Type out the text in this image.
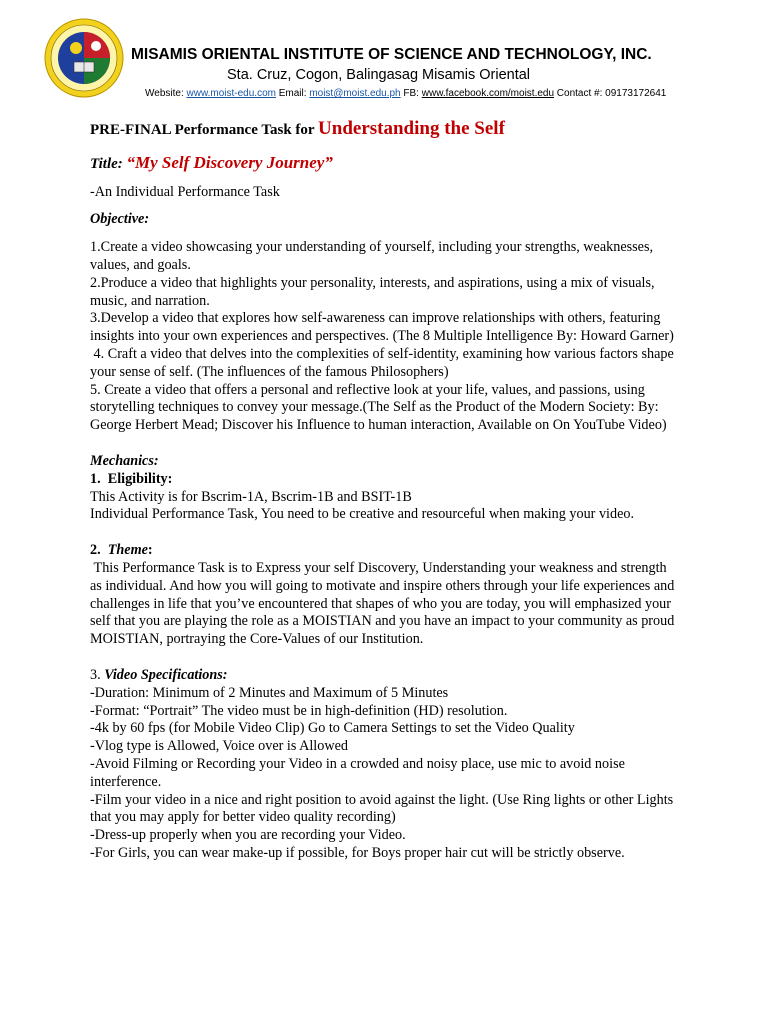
MISAMIS ORIENTAL INSTITUTE OF SCIENCE AND TECHNOLOGY, INC.
Sta. Cruz, Cogon, Balingasag Misamis Oriental
Website: www.moist-edu.com Email: moist@moist.edu.ph FB: www.facebook.com/moist.edu Contact #: 09173172641

PRE-FINAL Performance Task for Understanding the Self

Title: “My Self Discovery Journey”

-An Individual Performance Task

Objective:

1.Create a video showcasing your understanding of yourself, including your strengths, weaknesses, values, and goals.

2.Produce a video that highlights your personality, interests, and aspirations, using a mix of visuals, music, and narration.

3.Develop a video that explores how self-awareness can improve relationships with others, featuring insights into your own experiences and perspectives. (The 8 Multiple Intelligence By: Howard Garner)

4. Craft a video that delves into the complexities of self-identity, examining how various factors shape your sense of self. (The influences of the famous Philosophers)

5. Create a video that offers a personal and reflective look at your life, values, and passions, using storytelling techniques to convey your message.(The Self as the Product of the Modern Society: By: George Herbert Mead; Discover his Influence to human interaction, Available on On YouTube Video)

Mechanics:

1.  Eligibility:

This Activity is for Bscrim-1A, Bscrim-1B and BSIT-1B

Individual Performance Task, You need to be creative and resourceful when making your video.

2.  Theme:

This Performance Task is to Express your self Discovery, Understanding your weakness and strength as individual. And how you will going to motivate and inspire others through your life experiences and challenges in life that you’ve encountered that shapes of who you are today, you will emphasized your self that you are playing the role as a MOISTIAN and you have an impact to your community as proud MOISTIAN, portraying the Core-Values of our Institution.

3. Video Specifications:

-Duration: Minimum of 2 Minutes and Maximum of 5 Minutes

-Format: “Portrait” The video must be in high-definition (HD) resolution.

-4k by 60 fps (for Mobile Video Clip) Go to Camera Settings to set the Video Quality

-Vlog type is Allowed, Voice over is Allowed

-Avoid Filming or Recording your Video in a crowded and noisy place, use mic to avoid noise interference.

-Film your video in a nice and right position to avoid against the light. (Use Ring lights or other Lights that you may apply for better video quality recording)

-Dress-up properly when you are recording your Video.

-For Girls, you can wear make-up if possible, for Boys proper hair cut will be strictly observe.
